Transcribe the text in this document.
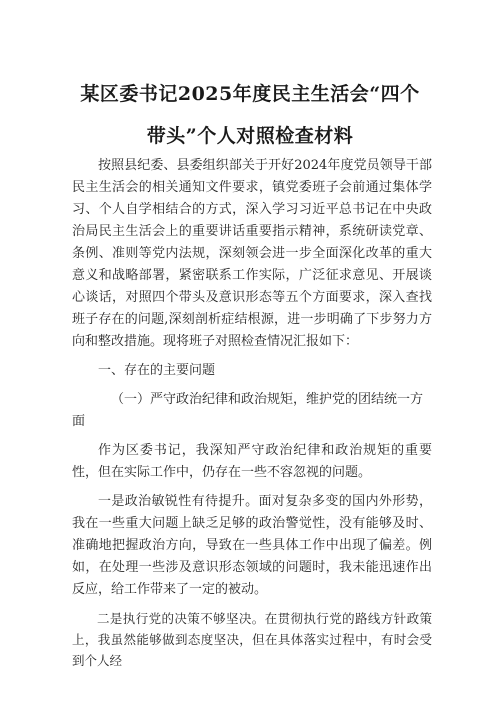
某区委书记2025年度民主生活会“四个
带头”个人对照检查材料

按照县纪委、县委组织部关于开好2024年度党员领导干部民主生活会的相关通知文件要求，镇党委班子会前通过集体学习、个人自学相结合的方式，深入学习习近平总书记在中央政治局民主生活会上的重要讲话重要指示精神，系统研读党章、条例、准则等党内法规，深刻领会进一步全面深化改革的重大意义和战略部署，紧密联系工作实际，广泛征求意见、开展谈心谈话，对照四个带头及意识形态等五个方面要求，深入查找班子存在的问题,深刻剖析症结根源，进一步明确了下步努力方向和整改措施。现将班子对照检查情况汇报如下：

一、存在的主要问题

（一）严守政治纪律和政治规矩，维护党的团结统一方面

作为区委书记，我深知严守政治纪律和政治规矩的重要性，但在实际工作中，仍存在一些不容忽视的问题。

一是政治敏锐性有待提升。面对复杂多变的国内外形势，我在一些重大问题上缺乏足够的政治警觉性，没有能够及时、准确地把握政治方向，导致在一些具体工作中出现了偏差。例如，在处理一些涉及意识形态领域的问题时，我未能迅速作出反应，给工作带来了一定的被动。

二是执行党的决策不够坚决。在贯彻执行党的路线方针政策上，我虽然能够做到态度坚决，但在具体落实过程中，有时会受到个人经
